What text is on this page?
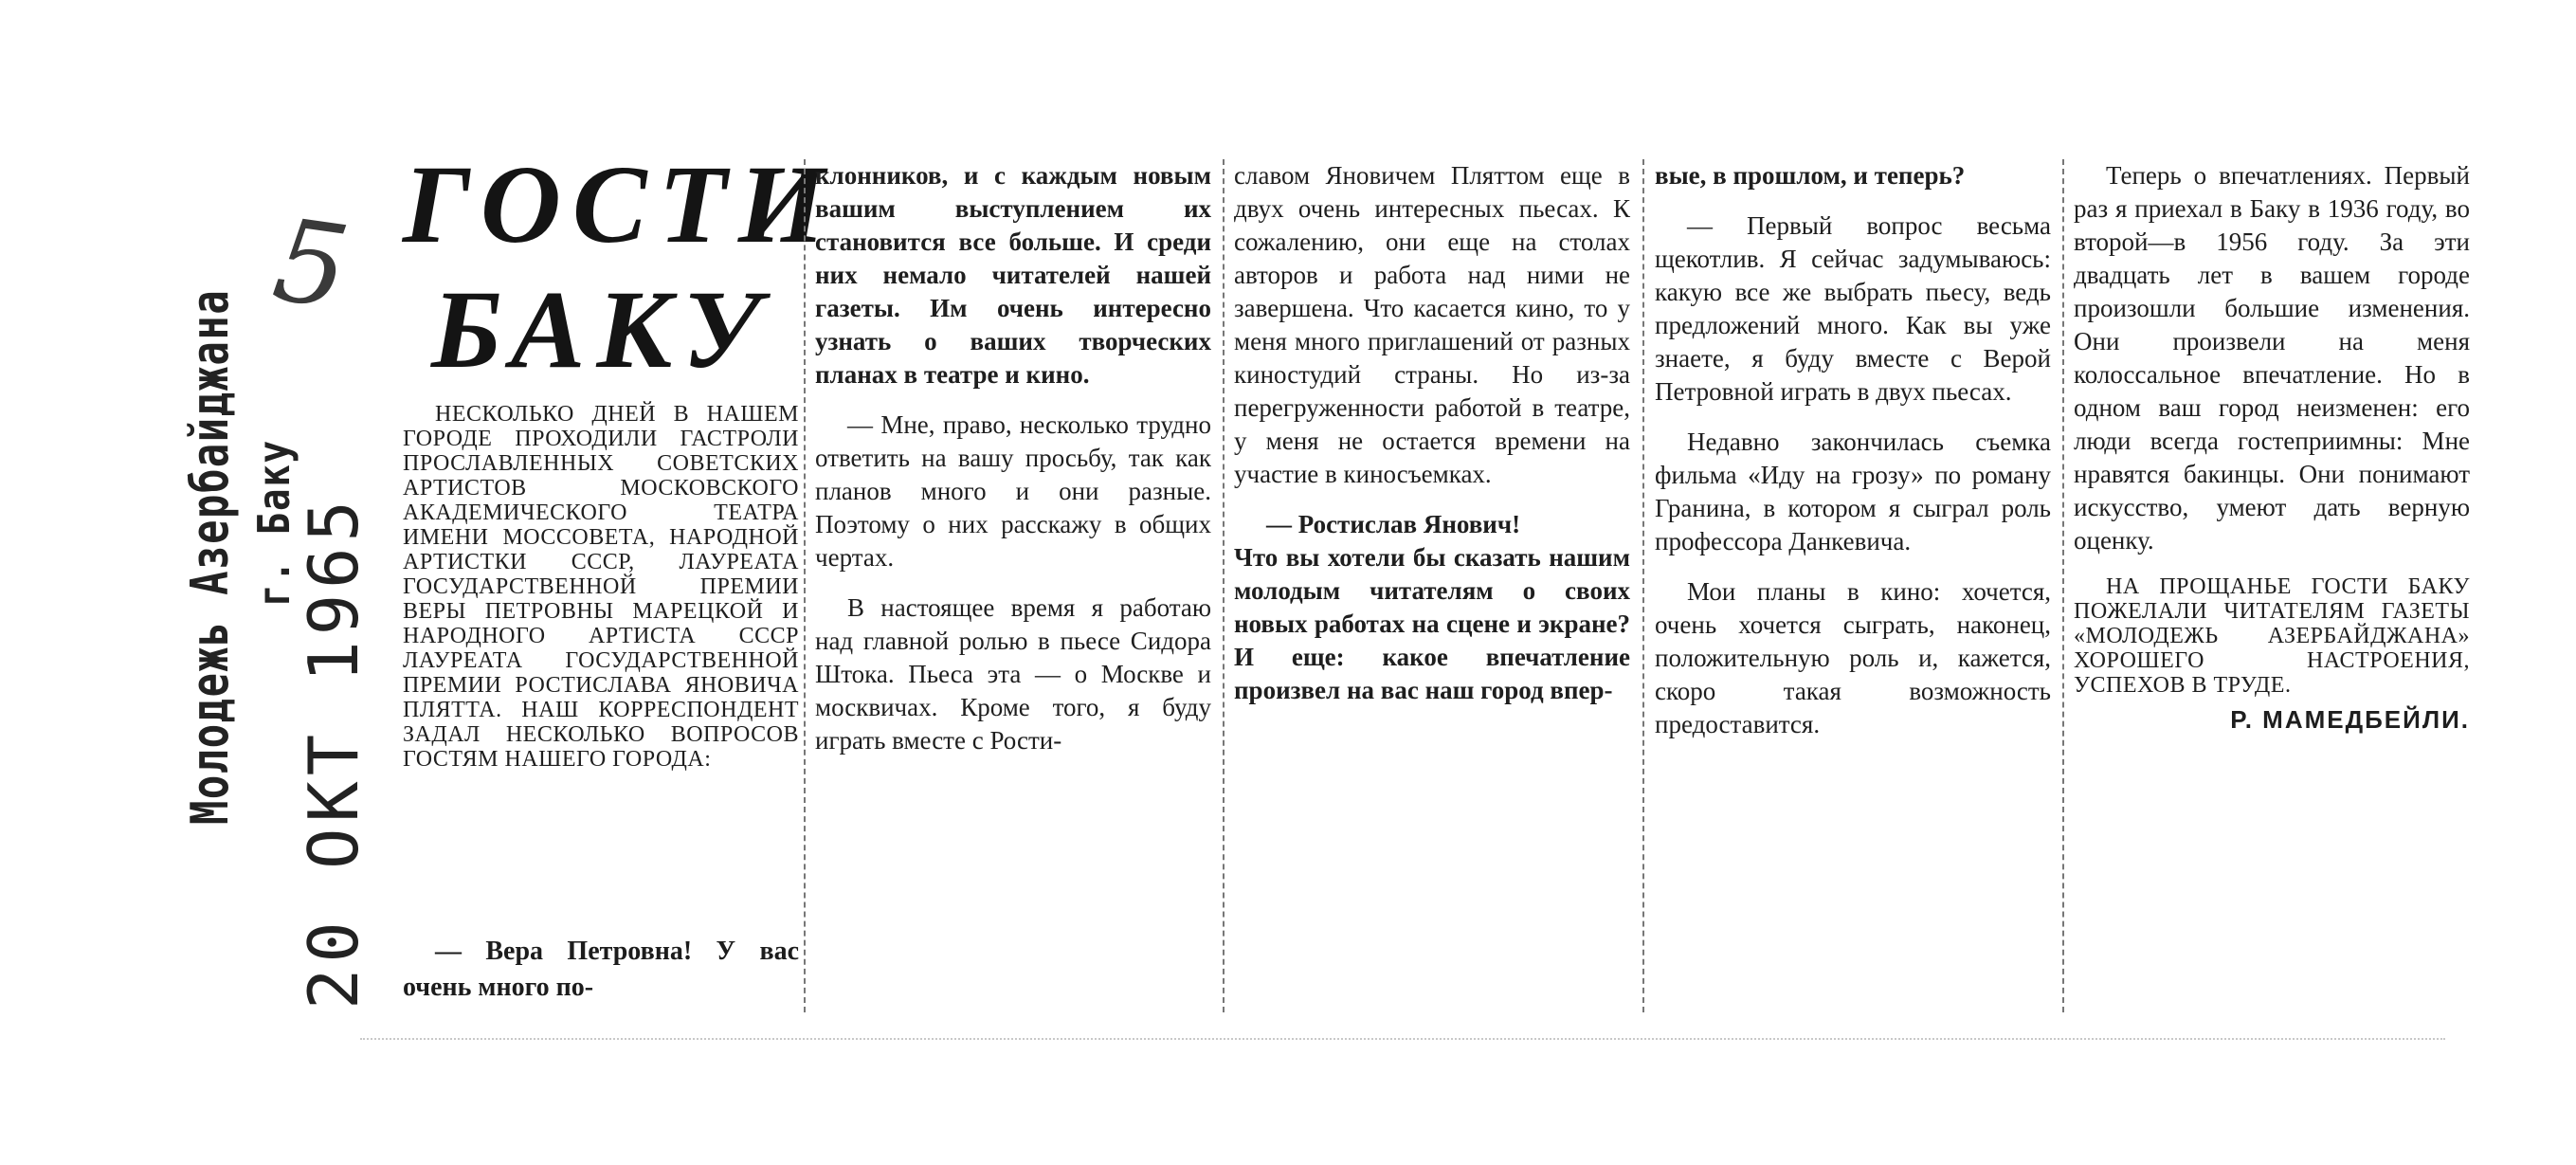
Молодежь Азербайджана г. Баку
20 ОКТ 1965
5 ГОСТИ
БАКУ

НЕСКОЛЬКО ДНЕЙ В НАШЕМ ГОРОДЕ ПРОХОДИЛИ ГАСТРОЛИ ПРОСЛАВЛЕННЫХ СОВЕТСКИХ АРТИСТОВ МОСКОВСКОГО АКАДЕМИЧЕСКОГО ТЕАТРА ИМЕНИ МОССОВЕТА, НАРОДНОЙ АРТИСТКИ СССР, ЛАУРЕАТА ГОСУДАРСТВЕННОЙ ПРЕМИИ ВЕРЫ ПЕТРОВНЫ МАРЕЦКОЙ И НАРОДНОГО АРТИСТА СССР ЛАУРЕАТА ГОСУДАРСТВЕННОЙ ПРЕМИИ РОСТИСЛАВА ЯНОВИЧА ПЛЯТТА. НАШ КОРРЕСПОНДЕНТ ЗАДАЛ НЕСКОЛЬКО ВОПРОСОВ ГОСТЯМ НАШЕГО ГОРОДА:

— Вера Петровна! У вас очень много по-

клонников, и с каждым новым вашим выступлением их становится все больше. И среди них немало читателей нашей газеты. Им очень интересно узнать о ваших творческих планах в театре и кино.

— Мне, право, несколько трудно ответить на вашу просьбу, так как планов много и они разные. Поэтому о них расскажу в общих чертах.

В настоящее время я работаю над главной ролью в пьесе Сидора Штока. Пьеса эта — о Москве и москвичах. Кроме того, я буду играть вместе с Рости-

славом Яновичем Пляттом еще в двух очень интересных пьесах. К сожалению, они еще на столах авторов и работа над ними не завершена. Что касается кино, то у меня много приглашений от разных киностудий страны. Но из-за перегруженности работой в театре, у меня не остается времени на участие в киносъемках.

— Ростислав Янович!

Что вы хотели бы сказать нашим молодым читателям о своих новых работах на сцене и экране? И еще: какое впечатление произвел на вас наш город впер-

вые, в прошлом, и теперь?

— Первый вопрос весьма щекотлив. Я сейчас задумываюсь: какую все же выбрать пьесу, ведь предложений много. Как вы уже знаете, я буду вместе с Верой Петровной играть в двух пьесах.

Недавно закончилась съемка фильма «Иду на грозу» по роману Гранина, в котором я сыграл роль профессора Данкевича.

Мои планы в кино: хочется, очень хочется сыграть, наконец, положительную роль и, кажется, скоро такая возможность предоставится.

Теперь о впечатлениях. Первый раз я приехал в Баку в 1936 году, во второй—в 1956 году. За эти двадцать лет в вашем городе произошли большие изменения. Они произвели на меня колоссальное впечатление. Но в одном ваш город неизменен: его люди всегда гостеприимны: Мне нравятся бакинцы. Они понимают искусство, умеют дать верную оценку.

НА ПРОЩАНЬЕ ГОСТИ БАКУ ПОЖЕЛАЛИ ЧИТАТЕЛЯМ ГАЗЕТЫ «МОЛОДЕЖЬ АЗЕРБАЙДЖАНА» ХОРОШЕГО НАСТРОЕНИЯ, УСПЕХОВ В ТРУДЕ.

Р. МАМЕДБЕЙЛИ.
